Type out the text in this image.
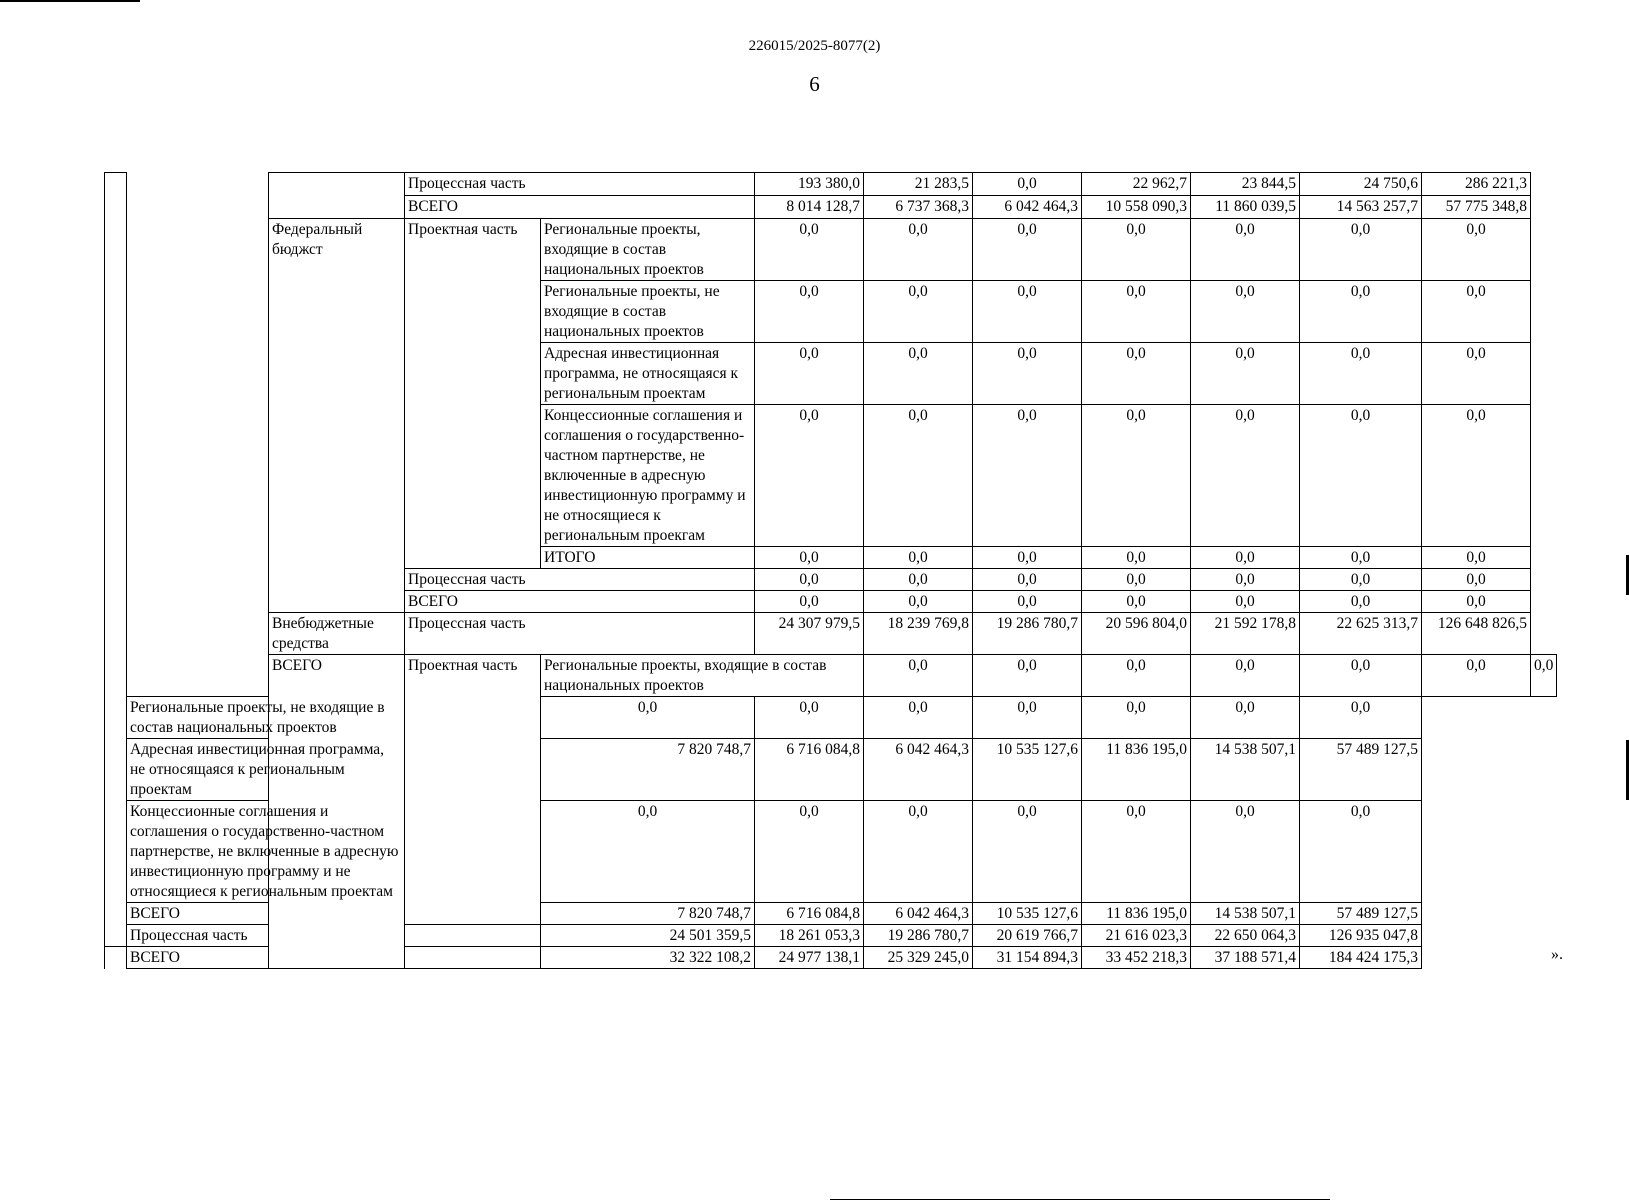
226015/2025-8077(2)
6
			Процессная часть		193 380,0	21 283,5	0,0	22 962,7	23 844,5	24 750,6	286 221,3	
			ВСЕГО		8 014 128,7	6 737 368,3	6 042 464,3	10 558 090,3	11 860 039,5	14 563 257,7	57 775 348,8	
		Федеральный бюджст	Проектная часть	Региональные проекты, входящие в состав национальных проектов	0,0	0,0	0,0	0,0	0,0	0,0	0,0	
				Региональные проекты, не входящие в состав национальных проектов	0,0	0,0	0,0	0,0	0,0	0,0	0,0	
				Адресная инвестиционная программа, не относящаяся к региональным проектам	0,0	0,0	0,0	0,0	0,0	0,0	0,0	
				Концессионные соглашения и соглашения о государственно-частном партнерстве, не включенные в адресную инвестиционную программу и не относящиеся к региональным проекгам	0,0	0,0	0,0	0,0	0,0	0,0	0,0	
				ИТОГО	0,0	0,0	0,0	0,0	0,0	0,0	0,0	
			Процессная часть		0,0	0,0	0,0	0,0	0,0	0,0	0,0	
			ВСЕГО		0,0	0,0	0,0	0,0	0,0	0,0	0,0	
		Внебюджетные средства	Процессная часть		24 307 979,5	18 239 769,8	19 286 780,7	20 596 804,0	21 592 178,8	22 625 313,7	126 648 826,5	
		ВСЕГО	Проектная часть	Региональные проекты, входящие в состав национальных проектов		0,0	0,0	0,0	0,0	0,0	0,0	0,0
	Региональные проекты, не входящие в состав национальных проектов			0,0	0,0	0,0	0,0	0,0	0,0	0,0		
	Адресная инвестиционная программа, не относящаяся к региональным проектам			7 820 748,7	6 716 084,8	6 042 464,3	10 535 127,6	11 836 195,0	14 538 507,1	57 489 127,5		
	Концессионные соглашения и соглашения о государственно-частном партнерстве, не включенные в адресную инвестиционную программу и не относящиеся к региональным проектам			0,0	0,0	0,0	0,0	0,0	0,0	0,0		
	ВСЕГО			7 820 748,7	6 716 084,8	6 042 464,3	10 535 127,6	11 836 195,0	14 538 507,1	57 489 127,5		
	Процессная часть			24 501 359,5	18 261 053,3	19 286 780,7	20 619 766,7	21 616 023,3	22 650 064,3	126 935 047,8		
	ВСЕГО			32 322 108,2	24 977 138,1	25 329 245,0	31 154 894,3	33 452 218,3	37 188 571,4	184 424 175,3			».
